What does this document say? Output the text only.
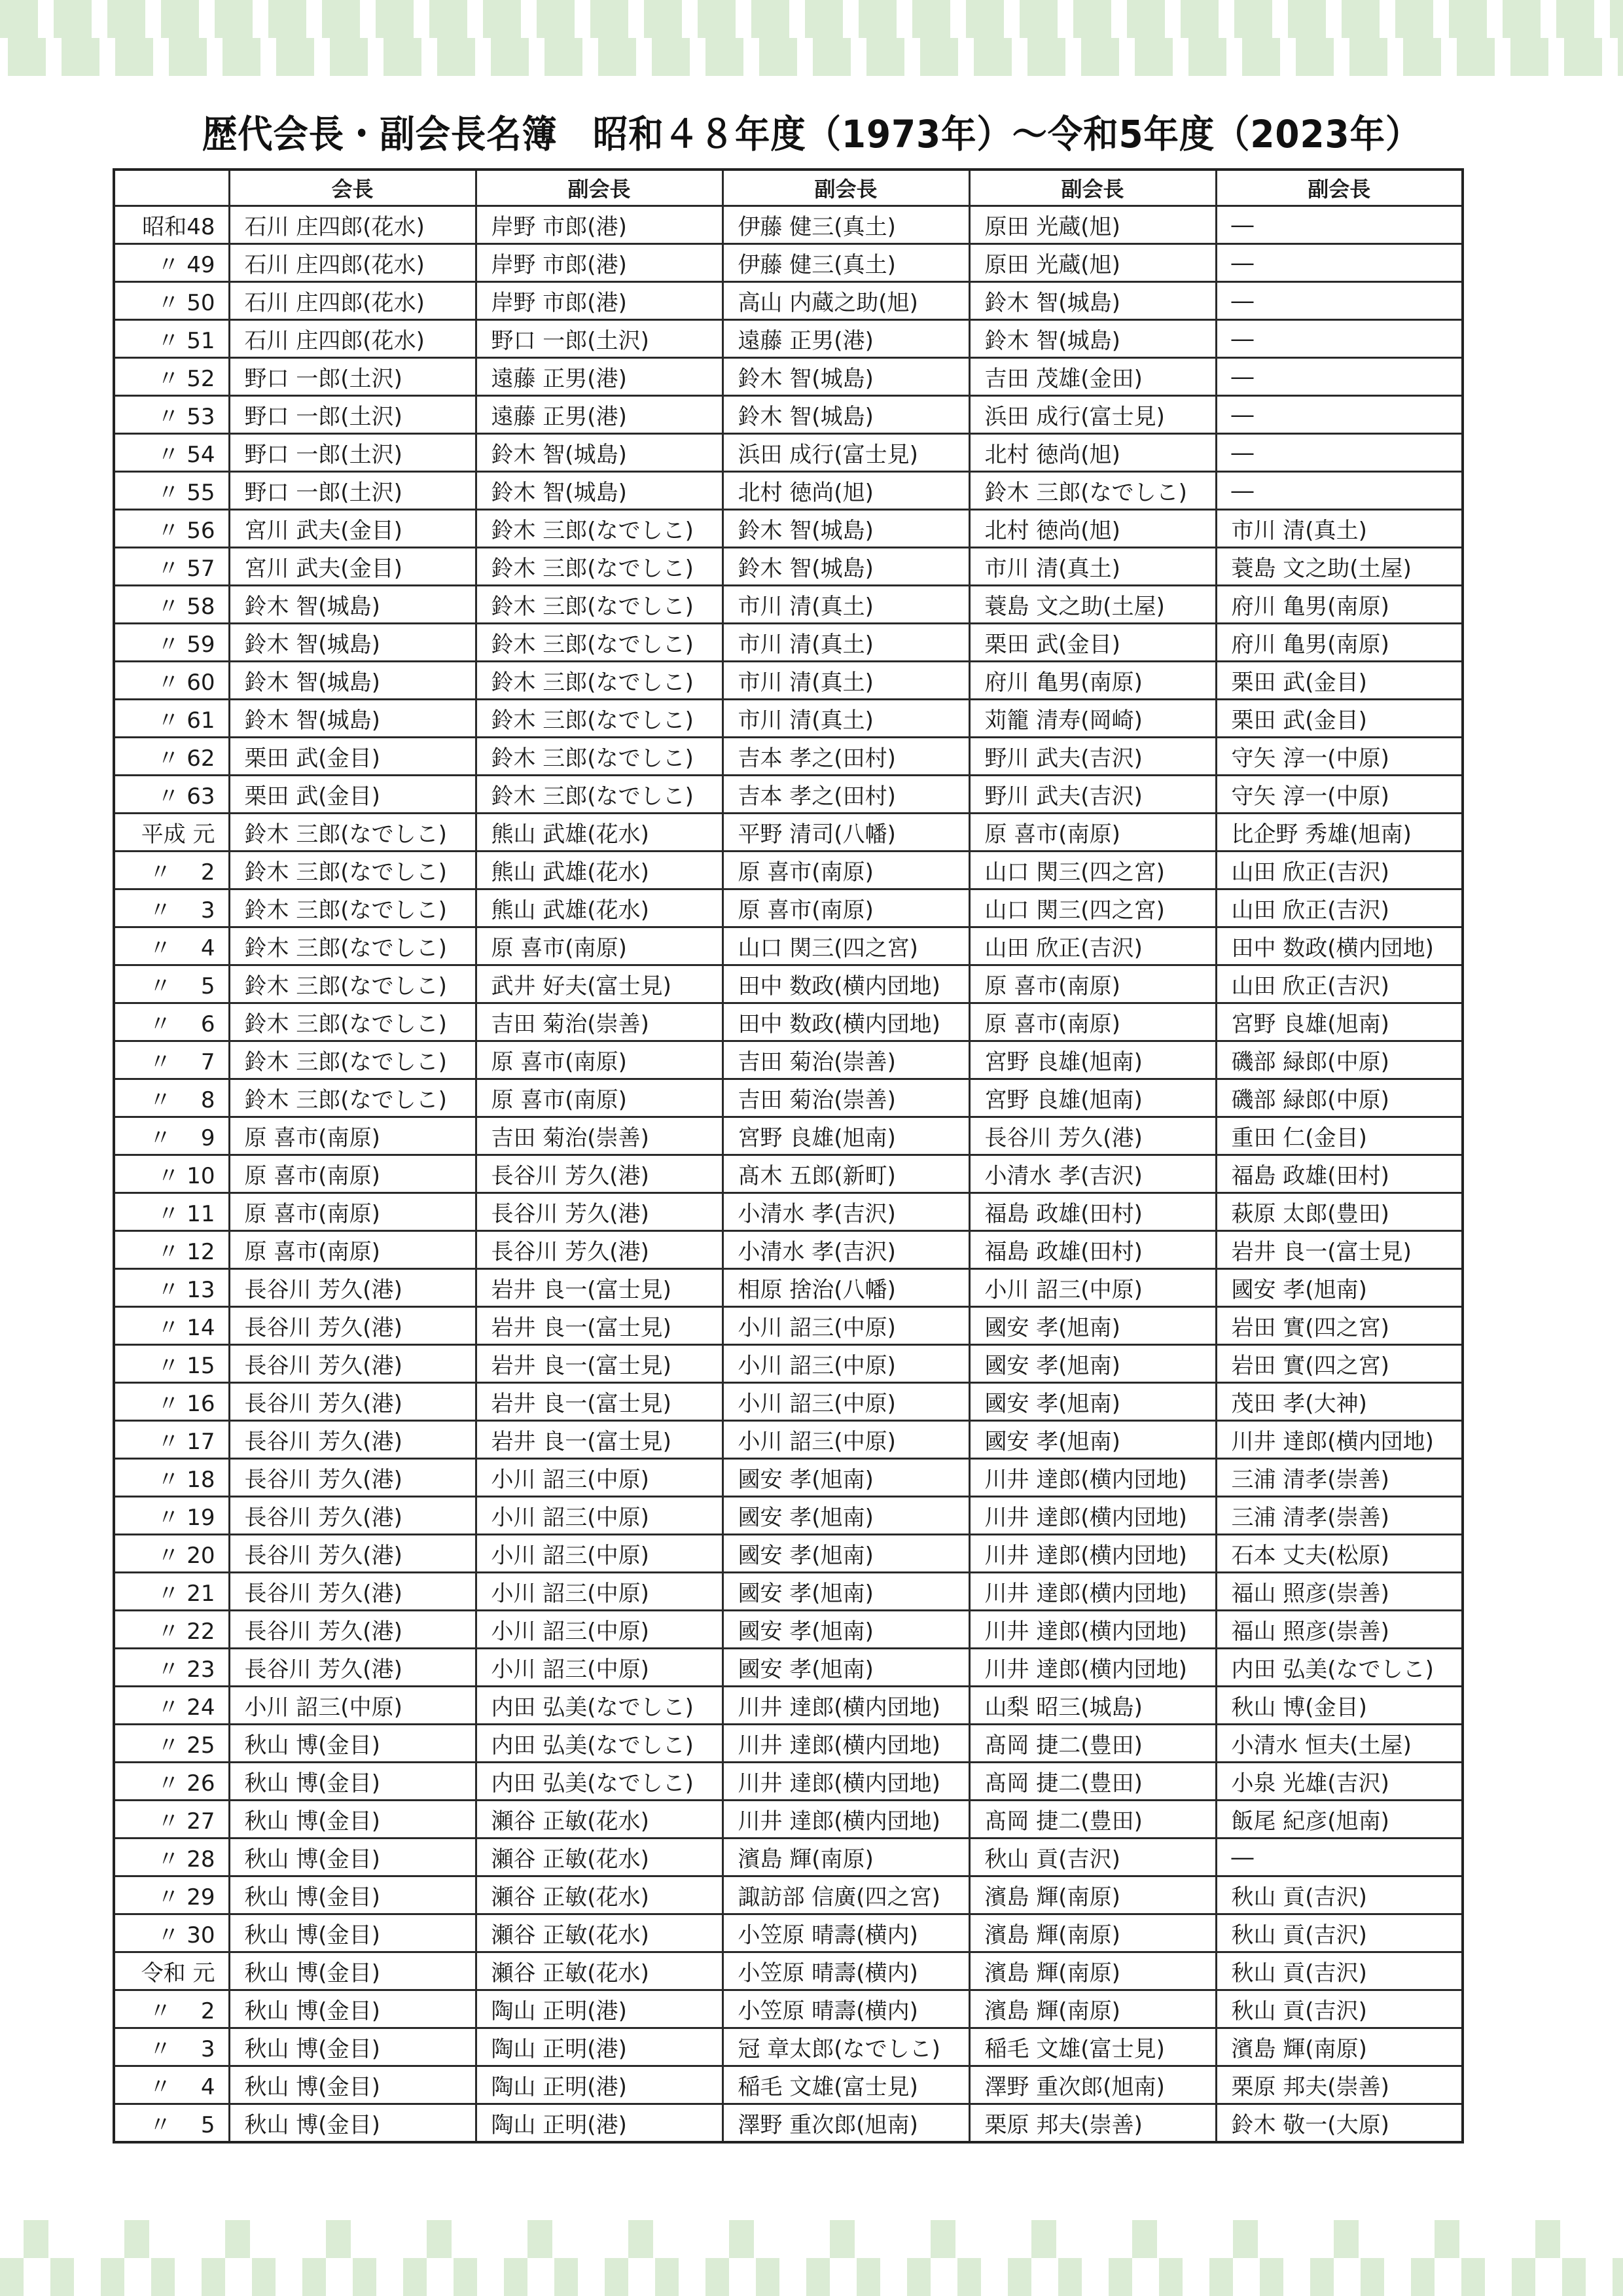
歴代会長・副会長名簿　昭和４８年度（1973年）～令和5年度（2023年）
	会長	副会長	副会長	副会長	副会長
昭和48	石川 庄四郎(花水)	岸野 市郎(港)	伊藤 健三(真土)	原田 光蔵(旭)	―
〃 49	石川 庄四郎(花水)	岸野 市郎(港)	伊藤 健三(真土)	原田 光蔵(旭)	―
〃 50	石川 庄四郎(花水)	岸野 市郎(港)	高山 内蔵之助(旭)	鈴木 智(城島)	―
〃 51	石川 庄四郎(花水)	野口 一郎(土沢)	遠藤 正男(港)	鈴木 智(城島)	―
〃 52	野口 一郎(土沢)	遠藤 正男(港)	鈴木 智(城島)	吉田 茂雄(金田)	―
〃 53	野口 一郎(土沢)	遠藤 正男(港)	鈴木 智(城島)	浜田 成行(富士見)	―
〃 54	野口 一郎(土沢)	鈴木 智(城島)	浜田 成行(富士見)	北村 徳尚(旭)	―
〃 55	野口 一郎(土沢)	鈴木 智(城島)	北村 徳尚(旭)	鈴木 三郎(なでしこ)	―
〃 56	宮川 武夫(金目)	鈴木 三郎(なでしこ)	鈴木 智(城島)	北村 徳尚(旭)	市川 清(真土)
〃 57	宮川 武夫(金目)	鈴木 三郎(なでしこ)	鈴木 智(城島)	市川 清(真土)	蓑島 文之助(土屋)
〃 58	鈴木 智(城島)	鈴木 三郎(なでしこ)	市川 清(真土)	蓑島 文之助(土屋)	府川 亀男(南原)
〃 59	鈴木 智(城島)	鈴木 三郎(なでしこ)	市川 清(真土)	栗田 武(金目)	府川 亀男(南原)
〃 60	鈴木 智(城島)	鈴木 三郎(なでしこ)	市川 清(真土)	府川 亀男(南原)	栗田 武(金目)
〃 61	鈴木 智(城島)	鈴木 三郎(なでしこ)	市川 清(真土)	苅籠 清寿(岡崎)	栗田 武(金目)
〃 62	栗田 武(金目)	鈴木 三郎(なでしこ)	吉本 孝之(田村)	野川 武夫(吉沢)	守矢 淳一(中原)
〃 63	栗田 武(金目)	鈴木 三郎(なでしこ)	吉本 孝之(田村)	野川 武夫(吉沢)	守矢 淳一(中原)
平成 元	鈴木 三郎(なでしこ)	熊山 武雄(花水)	平野 清司(八幡)	原 喜市(南原)	比企野 秀雄(旭南)
〃 　2	鈴木 三郎(なでしこ)	熊山 武雄(花水)	原 喜市(南原)	山口 関三(四之宮)	山田 欣正(吉沢)
〃 　3	鈴木 三郎(なでしこ)	熊山 武雄(花水)	原 喜市(南原)	山口 関三(四之宮)	山田 欣正(吉沢)
〃 　4	鈴木 三郎(なでしこ)	原 喜市(南原)	山口 関三(四之宮)	山田 欣正(吉沢)	田中 数政(横内団地)
〃 　5	鈴木 三郎(なでしこ)	武井 好夫(富士見)	田中 数政(横内団地)	原 喜市(南原)	山田 欣正(吉沢)
〃 　6	鈴木 三郎(なでしこ)	吉田 菊治(崇善)	田中 数政(横内団地)	原 喜市(南原)	宮野 良雄(旭南)
〃 　7	鈴木 三郎(なでしこ)	原 喜市(南原)	吉田 菊治(崇善)	宮野 良雄(旭南)	磯部 緑郎(中原)
〃 　8	鈴木 三郎(なでしこ)	原 喜市(南原)	吉田 菊治(崇善)	宮野 良雄(旭南)	磯部 緑郎(中原)
〃 　9	原 喜市(南原)	吉田 菊治(崇善)	宮野 良雄(旭南)	長谷川 芳久(港)	重田 仁(金目)
〃 10	原 喜市(南原)	長谷川 芳久(港)	髙木 五郎(新町)	小清水 孝(吉沢)	福島 政雄(田村)
〃 11	原 喜市(南原)	長谷川 芳久(港)	小清水 孝(吉沢)	福島 政雄(田村)	萩原 太郎(豊田)
〃 12	原 喜市(南原)	長谷川 芳久(港)	小清水 孝(吉沢)	福島 政雄(田村)	岩井 良一(富士見)
〃 13	長谷川 芳久(港)	岩井 良一(富士見)	相原 捨治(八幡)	小川 詔三(中原)	國安 孝(旭南)
〃 14	長谷川 芳久(港)	岩井 良一(富士見)	小川 詔三(中原)	國安 孝(旭南)	岩田 實(四之宮)
〃 15	長谷川 芳久(港)	岩井 良一(富士見)	小川 詔三(中原)	國安 孝(旭南)	岩田 實(四之宮)
〃 16	長谷川 芳久(港)	岩井 良一(富士見)	小川 詔三(中原)	國安 孝(旭南)	茂田 孝(大神)
〃 17	長谷川 芳久(港)	岩井 良一(富士見)	小川 詔三(中原)	國安 孝(旭南)	川井 達郎(横内団地)
〃 18	長谷川 芳久(港)	小川 詔三(中原)	國安 孝(旭南)	川井 達郎(横内団地)	三浦 清孝(崇善)
〃 19	長谷川 芳久(港)	小川 詔三(中原)	國安 孝(旭南)	川井 達郎(横内団地)	三浦 清孝(崇善)
〃 20	長谷川 芳久(港)	小川 詔三(中原)	國安 孝(旭南)	川井 達郎(横内団地)	石本 丈夫(松原)
〃 21	長谷川 芳久(港)	小川 詔三(中原)	國安 孝(旭南)	川井 達郎(横内団地)	福山 照彦(崇善)
〃 22	長谷川 芳久(港)	小川 詔三(中原)	國安 孝(旭南)	川井 達郎(横内団地)	福山 照彦(崇善)
〃 23	長谷川 芳久(港)	小川 詔三(中原)	國安 孝(旭南)	川井 達郎(横内団地)	内田 弘美(なでしこ)
〃 24	小川 詔三(中原)	内田 弘美(なでしこ)	川井 達郎(横内団地)	山梨 昭三(城島)	秋山 博(金目)
〃 25	秋山 博(金目)	内田 弘美(なでしこ)	川井 達郎(横内団地)	髙岡 捷二(豊田)	小清水 恒夫(土屋)
〃 26	秋山 博(金目)	内田 弘美(なでしこ)	川井 達郎(横内団地)	髙岡 捷二(豊田)	小泉 光雄(吉沢)
〃 27	秋山 博(金目)	瀬谷 正敏(花水)	川井 達郎(横内団地)	髙岡 捷二(豊田)	飯尾 紀彦(旭南)
〃 28	秋山 博(金目)	瀬谷 正敏(花水)	濱島 輝(南原)	秋山 貢(吉沢)	―
〃 29	秋山 博(金目)	瀬谷 正敏(花水)	諏訪部 信廣(四之宮)	濱島 輝(南原)	秋山 貢(吉沢)
〃 30	秋山 博(金目)	瀬谷 正敏(花水)	小笠原 晴壽(横内)	濱島 輝(南原)	秋山 貢(吉沢)
令和 元	秋山 博(金目)	瀬谷 正敏(花水)	小笠原 晴壽(横内)	濱島 輝(南原)	秋山 貢(吉沢)
〃 　2	秋山 博(金目)	陶山 正明(港)	小笠原 晴壽(横内)	濱島 輝(南原)	秋山 貢(吉沢)
〃 　3	秋山 博(金目)	陶山 正明(港)	冠 章太郎(なでしこ)	稲毛 文雄(富士見)	濱島 輝(南原)
〃 　4	秋山 博(金目)	陶山 正明(港)	稲毛 文雄(富士見)	澤野 重次郎(旭南)	栗原 邦夫(崇善)
〃 　5	秋山 博(金目)	陶山 正明(港)	澤野 重次郎(旭南)	栗原 邦夫(崇善)	鈴木 敬一(大原)
